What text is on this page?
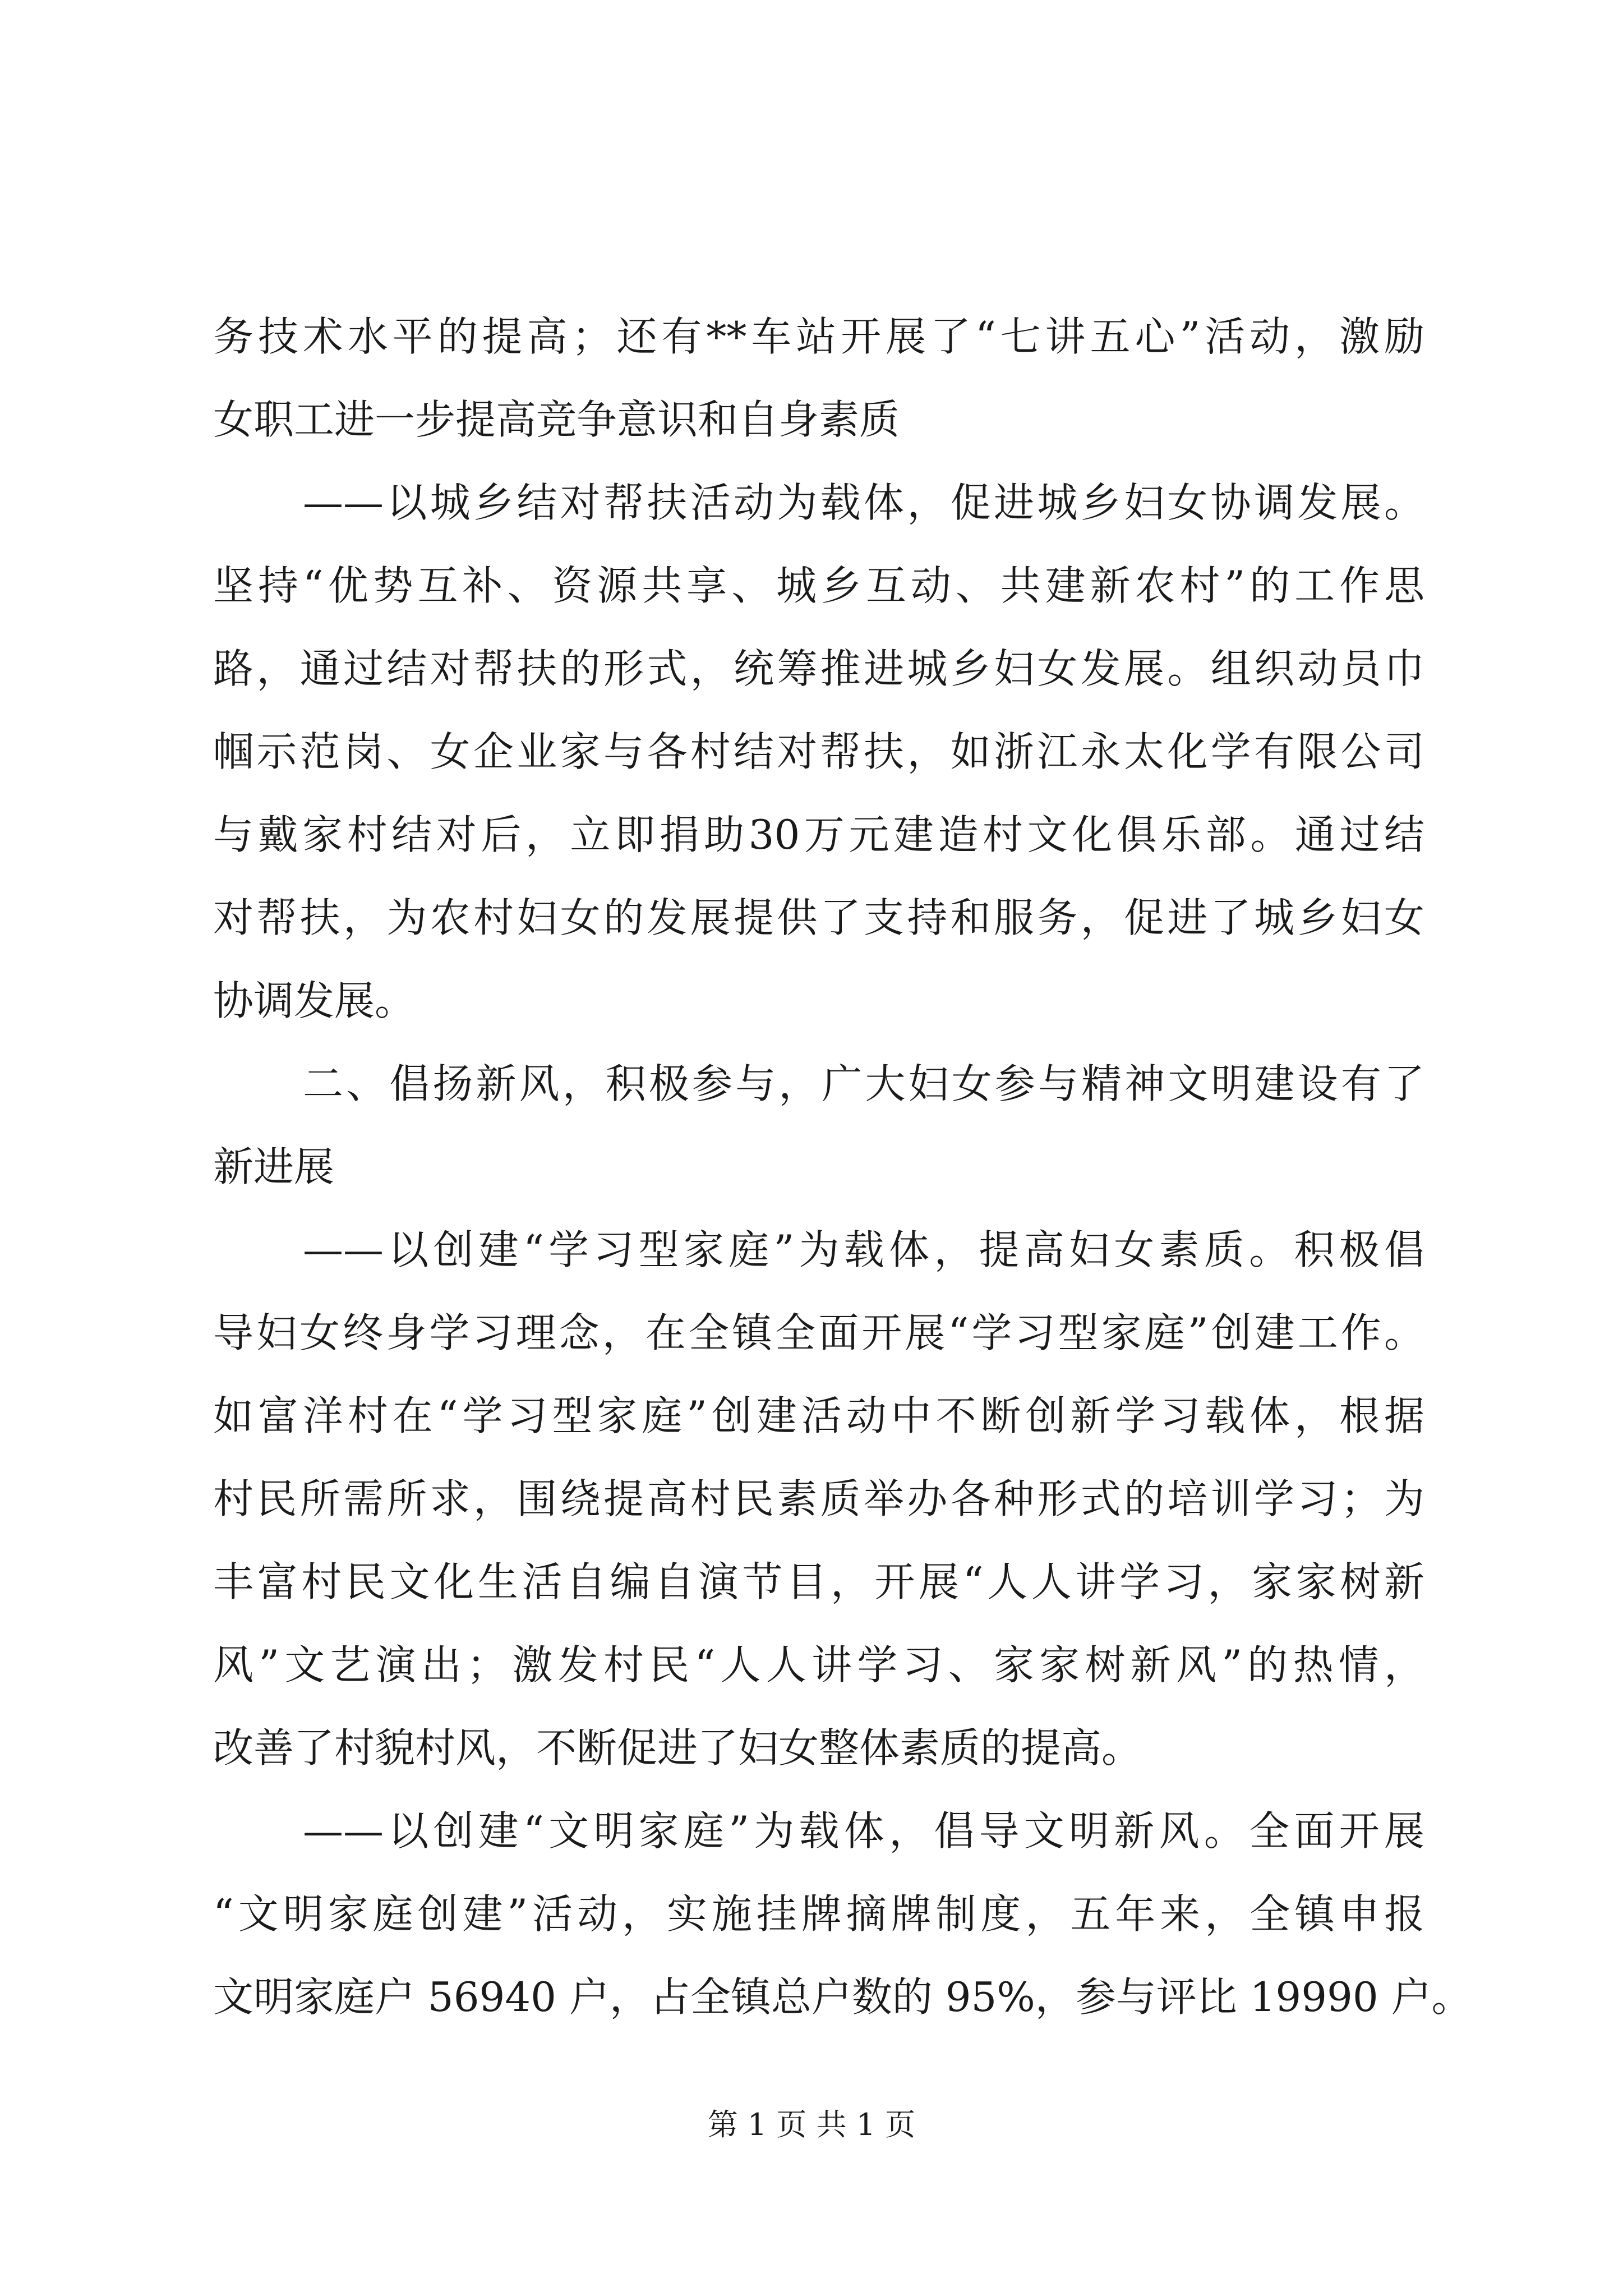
务技术水平的提高；还有**车站开展了“七讲五心”活动，激励
女职工进一步提高竞争意识和自身素质
——以城乡结对帮扶活动为载体，促进城乡妇女协调发展。
坚持“优势互补、资源共享、城乡互动、共建新农村”的工作思
路，通过结对帮扶的形式，统筹推进城乡妇女发展。组织动员巾
帼示范岗、女企业家与各村结对帮扶，如浙江永太化学有限公司
与戴家村结对后，立即捐助30万元建造村文化俱乐部。通过结
对帮扶，为农村妇女的发展提供了支持和服务，促进了城乡妇女
协调发展。
二、倡扬新风，积极参与，广大妇女参与精神文明建设有了
新进展
——以创建“学习型家庭”为载体，提高妇女素质。积极倡
导妇女终身学习理念，在全镇全面开展“学习型家庭”创建工作。
如富洋村在“学习型家庭”创建活动中不断创新学习载体，根据
村民所需所求，围绕提高村民素质举办各种形式的培训学习；为
丰富村民文化生活自编自演节目，开展“人人讲学习，家家树新
风”文艺演出；激发村民“人人讲学习、家家树新风”的热情，
改善了村貌村风，不断促进了妇女整体素质的提高。
——以创建“文明家庭”为载体，倡导文明新风。全面开展
“文明家庭创建”活动，实施挂牌摘牌制度，五年来，全镇申报
文明家庭户 56940 户，占全镇总户数的 95%，参与评比 19990 户。
第 1 页 共 1 页
